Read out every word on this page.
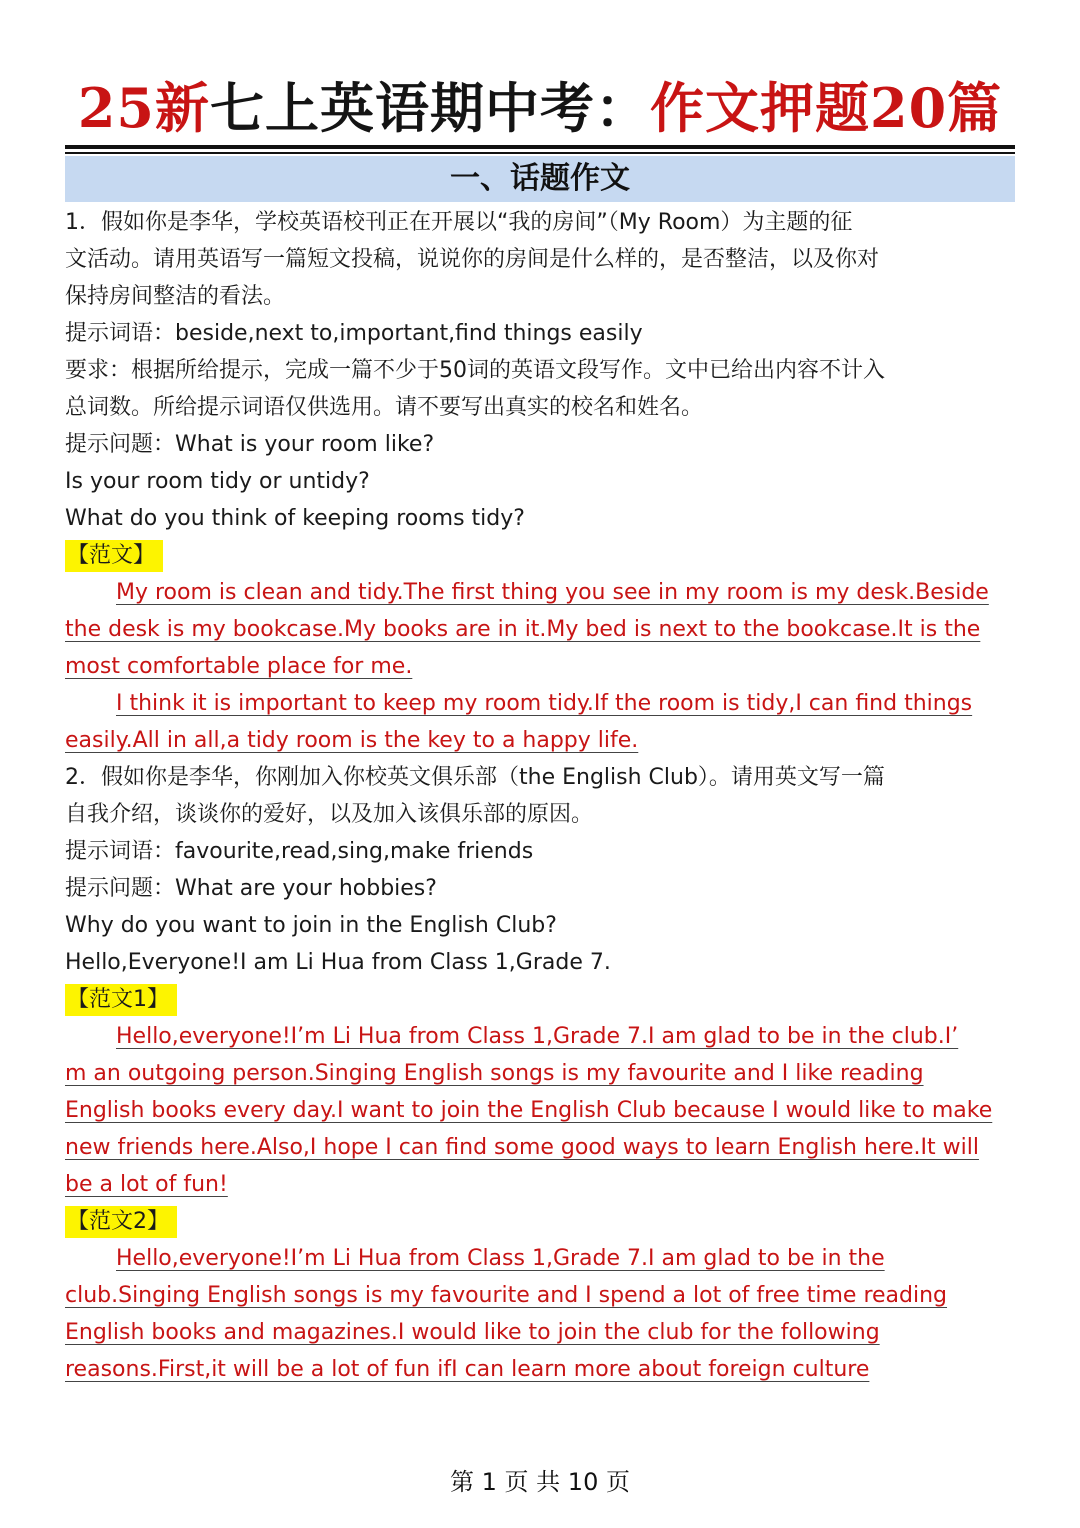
25新七上英语期中考：作文押题20篇
一、话题作文

1．假如你是李华，学校英语校刊正在开展以“我的房间”（My Room）为主题的征

文活动。请用英语写一篇短文投稿，说说你的房间是什么样的，是否整洁，以及你对

保持房间整洁的看法。

提示词语：beside,next to,important,find things easily

要求：根据所给提示，完成一篇不少于50词的英语文段写作。文中已给出内容不计入

总词数。所给提示词语仅供选用。请不要写出真实的校名和姓名。

提示问题：What is your room like?

Is your room tidy or untidy?

What do you think of keeping rooms tidy?

【范文】

My room is clean and tidy.The first thing you see in my room is my desk.Beside

the desk is my bookcase.My books are in it.My bed is next to the bookcase.It is the

most comfortable place for me.

I think it is important to keep my room tidy.If the room is tidy,I can find things

easily.All in all,a tidy room is the key to a happy life.

2．假如你是李华，你刚加入你校英文俱乐部（the English Club）。请用英文写一篇

自我介绍，谈谈你的爱好，以及加入该俱乐部的原因。

提示词语：favourite,read,sing,make friends

提示问题：What are your hobbies?

Why do you want to join in the English Club?

Hello,Everyone!I am Li Hua from Class 1,Grade 7.

【范文1】

Hello,everyone!I’m Li Hua from Class 1,Grade 7.I am glad to be in the club.I’

m an outgoing person.Singing English songs is my favourite and I like reading

English books every day.I want to join the English Club because I would like to make

new friends here.Also,I hope I can find some good ways to learn English here.It will

be a lot of fun!

【范文2】

Hello,everyone!I’m Li Hua from Class 1,Grade 7.I am glad to be in the

club.Singing English songs is my favourite and I spend a lot of free time reading

English books and magazines.I would like to join the club for the following

reasons.First,it will be a lot of fun ifI can learn more about foreign culture

第 1 页 共 10 页
